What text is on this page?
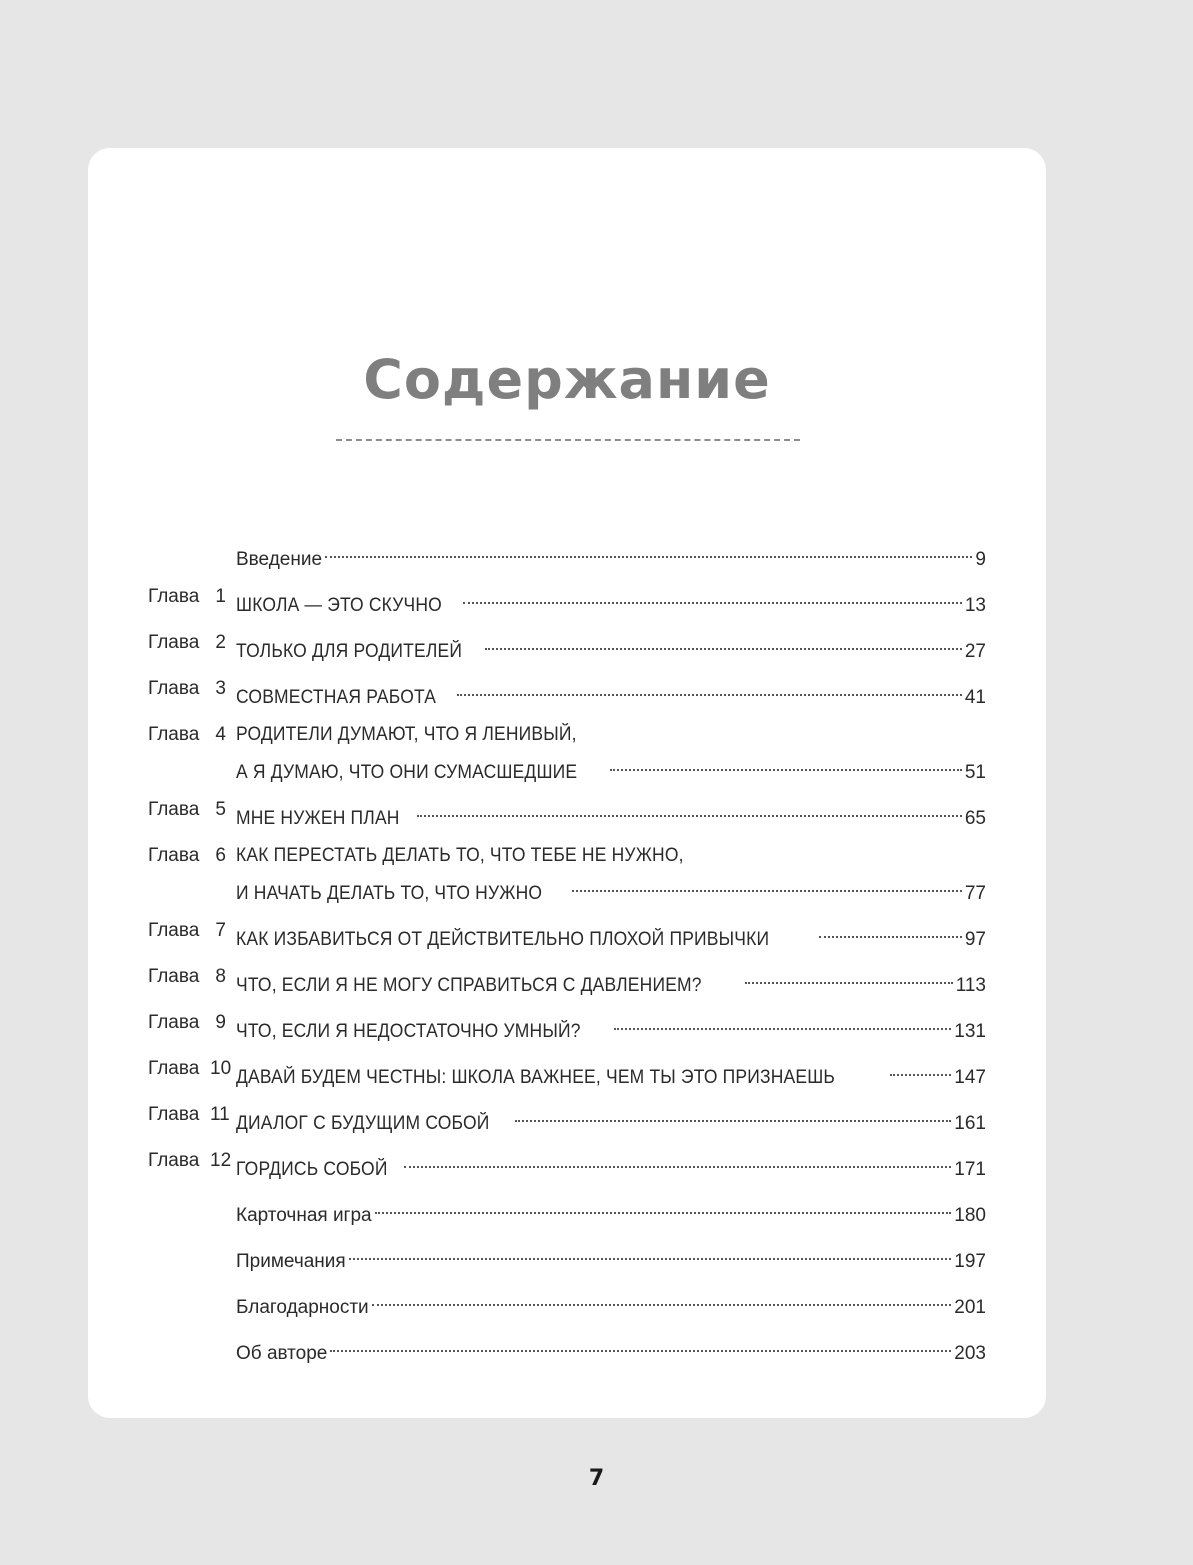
Содержание
Введение	9
Глава 1 ШКОЛА — ЭТО СКУЧНО	13
Глава 2 ТОЛЬКО ДЛЯ РОДИТЕЛЕЙ	27
Глава 3 СОВМЕСТНАЯ РАБОТА	41
Глава 4 РОДИТЕЛИ ДУМАЮТ, ЧТО Я ЛЕНИВЫЙ,
А Я ДУМАЮ, ЧТО ОНИ СУМАСШЕДШИЕ	51
Глава 5 МНЕ НУЖЕН ПЛАН	65
Глава 6 КАК ПЕРЕСТАТЬ ДЕЛАТЬ ТО, ЧТО ТЕБЕ НЕ НУЖНО,
И НАЧАТЬ ДЕЛАТЬ ТО, ЧТО НУЖНО	77
Глава 7 КАК ИЗБАВИТЬСЯ ОТ ДЕЙСТВИТЕЛЬНО ПЛОХОЙ ПРИВЫЧКИ	97
Глава 8 ЧТО, ЕСЛИ Я НЕ МОГУ СПРАВИТЬСЯ С ДАВЛЕНИЕМ?	113
Глава 9 ЧТО, ЕСЛИ Я НЕДОСТАТОЧНО УМНЫЙ?	131
Глава 10 ДАВАЙ БУДЕМ ЧЕСТНЫ: ШКОЛА ВАЖНЕЕ, ЧЕМ ТЫ ЭТО ПРИЗНАЕШЬ	147
Глава 11 ДИАЛОГ С БУДУЩИМ СОБОЙ	161
Глава 12 ГОРДИСЬ СОБОЙ	171
Карточная игра	180
Примечания	197
Благодарности	201
Об авторе	203
7
